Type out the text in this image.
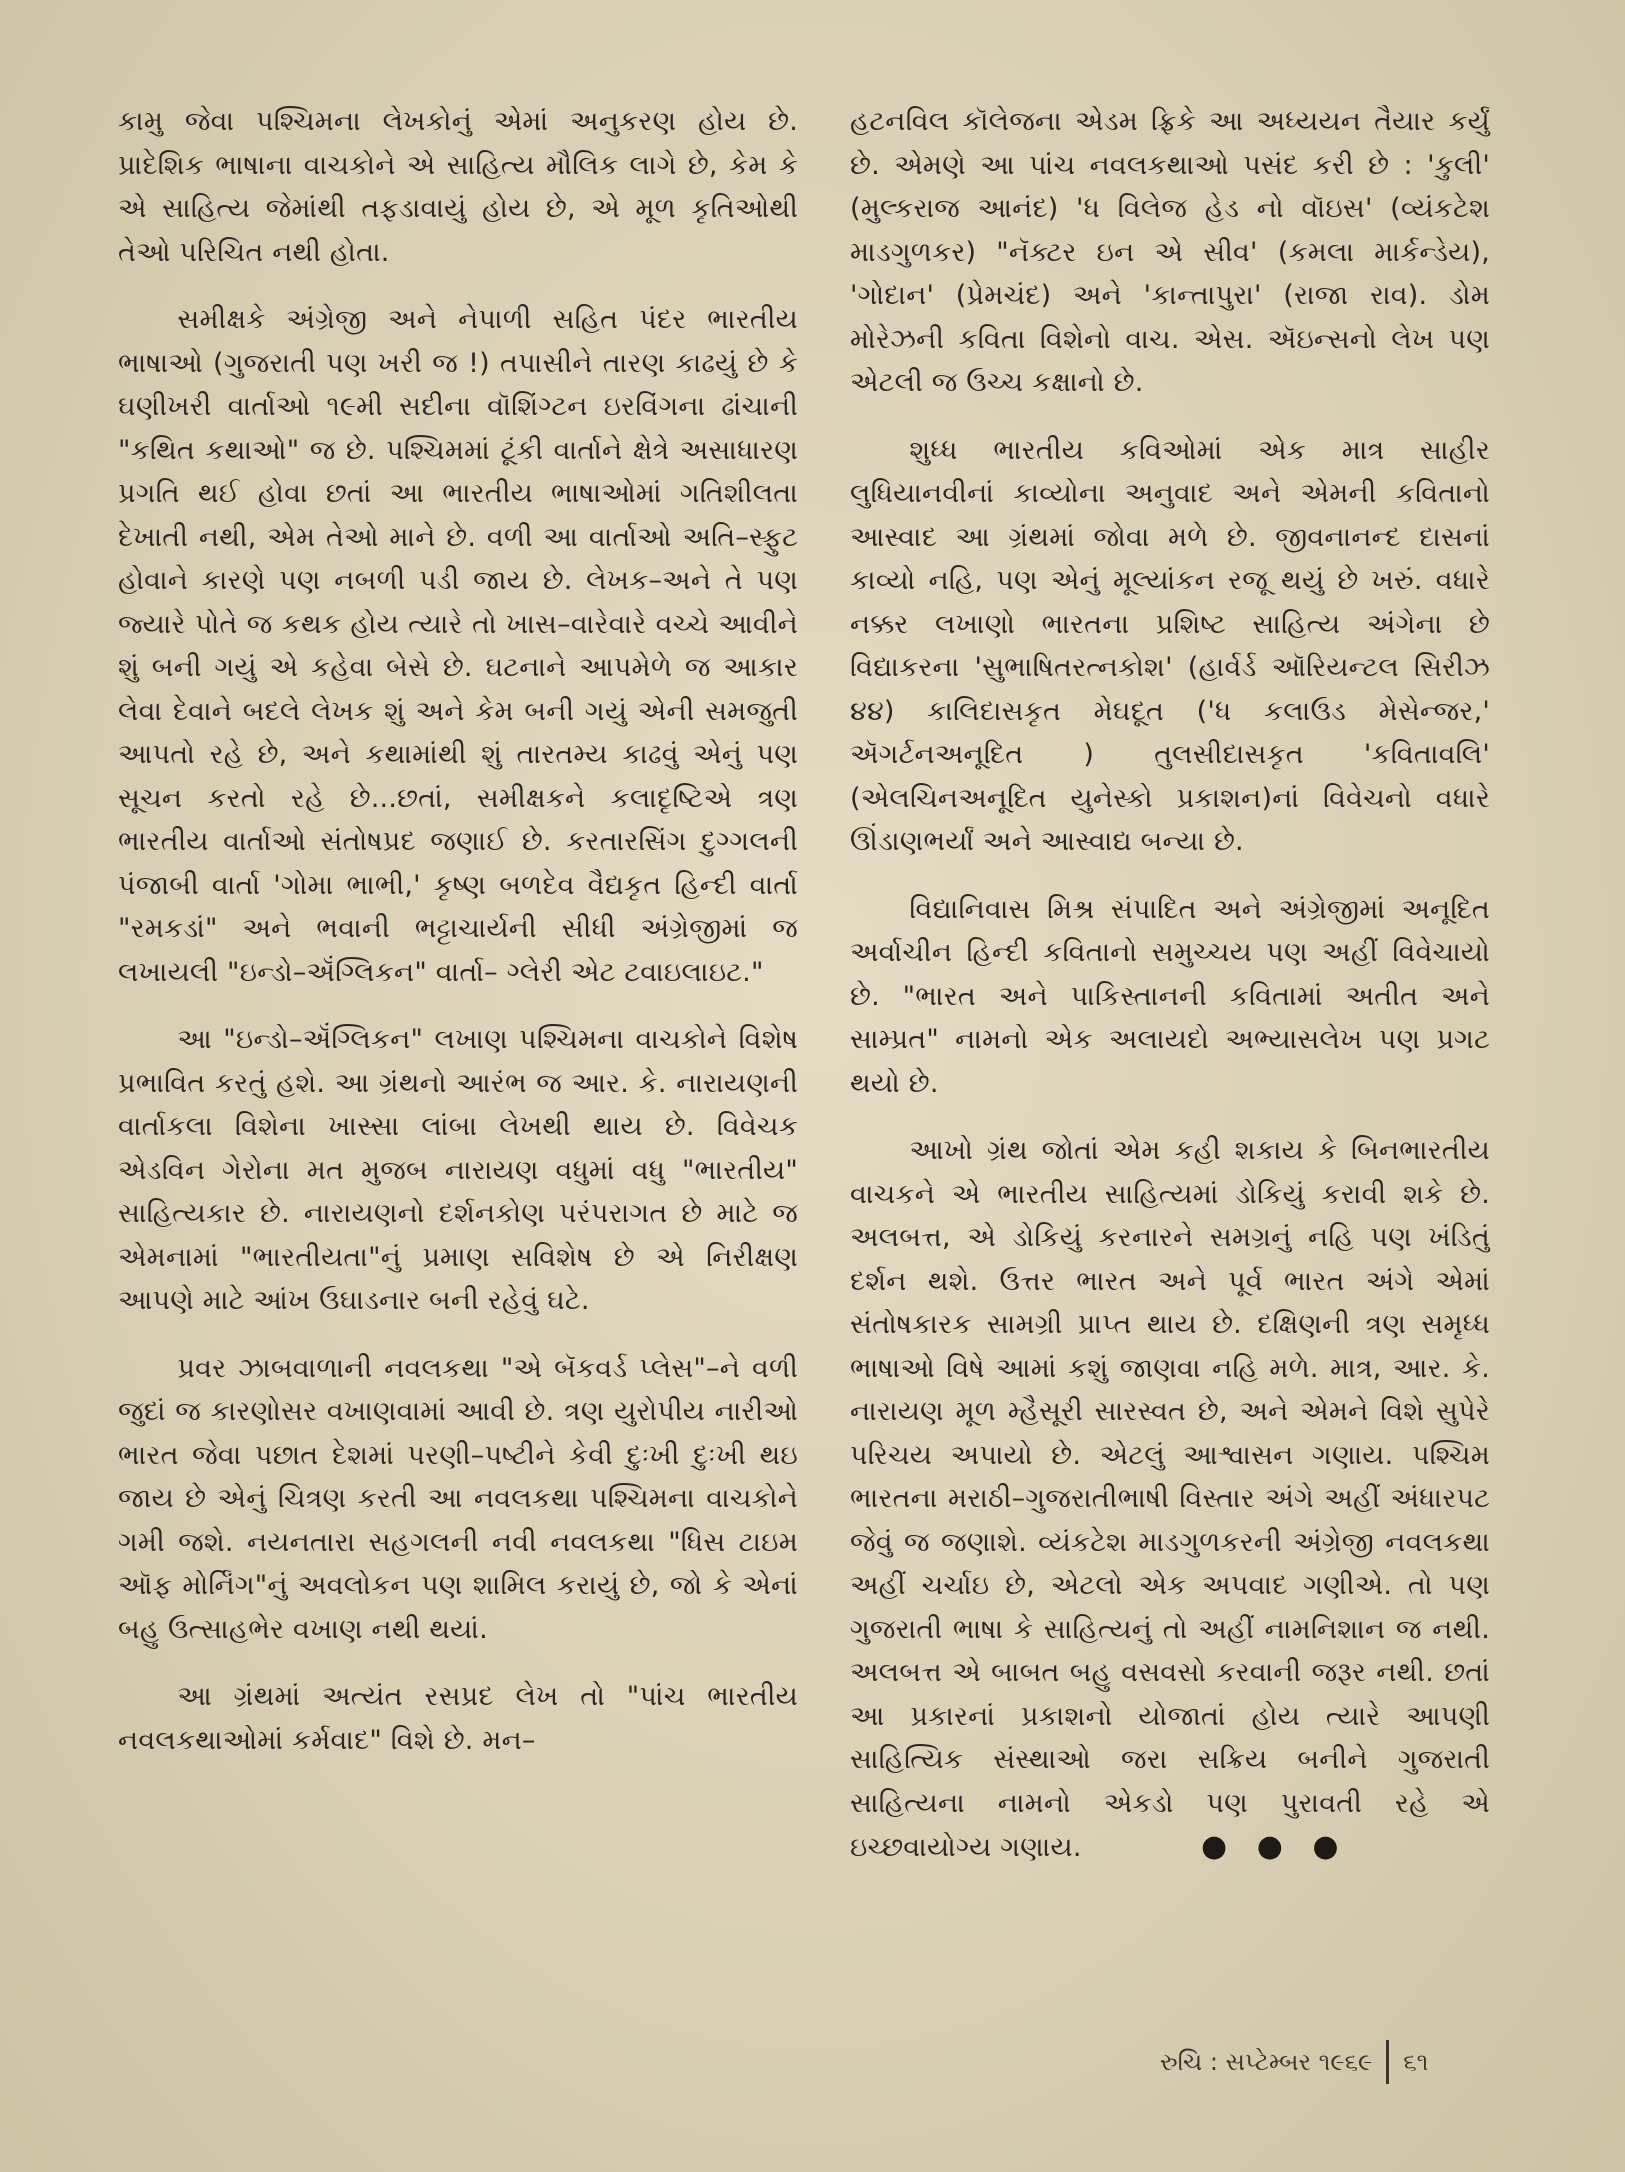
કામુ જેવા પશ્ચિમના લેખકોનું એમાં અનુકરણ હોય છે. પ્રાદેશિક ભાષાના વાચકોને એ સાહિત્ય મૌલિક લાગે છે, કેમ કે એ સાહિત્ય જેમાંથી તફડાવાયું હોય છે, એ મૂળ કૃતિઓથી તેઓ પરિચિત નથી હોતા.

સમીક્ષકે અંગ્રેજી અને નેપાળી સહિત પંદર ભારતીય ભાષાઓ (ગુજરાતી પણ ખરી જ !) તપાસીને તારણ કાઢયું છે કે ઘણીખરી વાર્તાઓ ૧૯મી સદીના વૉશિંગ્ટન ઇરવિંગના ઢાંચાની "કથિત કથાઓ" જ છે. પશ્ચિમમાં ટૂંકી વાર્તાને ક્ષેત્રે અસાધારણ પ્રગતિ થઈ હોવા છતાં આ ભારતીય ભાષાઓમાં ગતિશીલતા દેખાતી નથી, એમ તેઓ માને છે. વળી આ વાર્તાઓ અતિ–સ્ફુટ હોવાને કારણે પણ નબળી પડી જાય છે. લેખક–અને તે પણ જ્યારે પોતે જ કથક હોય ત્યારે તો ખાસ–વારેવારે વચ્ચે આવીને શું બની ગયું એ કહેવા બેસે છે. ઘટનાને આપમેળે જ આકાર લેવા દેવાને બદલે લેખક શું અને કેમ બની ગયું એની સમજુતી આપતો રહે છે, અને કથામાંથી શું તારતમ્ય કાઢવું એનું પણ સૂચન કરતો રહે છે...છતાં, સમીક્ષકને કલાદૃષ્ટિએ ત્રણ ભારતીય વાર્તાઓ સંતોષપ્રદ જણાઈ છે. કરતારસિંગ દુગ્ગલની પંજાબી વાર્તા 'ગોમા ભાભી,' કૃષ્ણ બળદેવ વૈદ્યકૃત હિન્દી વાર્તા "રમકડાં" અને ભવાની ભટ્ટાચાર્યની સીધી અંગ્રેજીમાં જ લખાયલી "ઇન્ડો–ઍંગ્લિકન" વાર્તા– ગ્લેરી એટ ટવાઇલાઇટ."

આ "ઇન્ડો–ઍંગ્લિકન" લખાણ પશ્ચિમના વાચકોને વિશેષ પ્રભાવિત કરતું હશે. આ ગ્રંથનો આરંભ જ આર. કે. નારાયણની વાર્તાકલા વિશેના ખાસ્સા લાંબા લેખથી થાય છે. વિવેચક એડવિન ગેરોના મત મુજબ નારાયણ વધુમાં વધુ "ભારતીય" સાહિત્યકાર છે. નારાયણનો દર્શનકોણ પરંપરાગત છે માટે જ એમનામાં "ભારતીયતા"નું પ્રમાણ સવિશેષ છે એ નિરીક્ષણ આપણે માટે આંખ ઉઘાડનાર બની રહેવું ઘટે.

પ્રવર ઝાબવાળાની નવલકથા "એ બૅકવર્ડ પ્લેસ"–ને વળી જુદાં જ કારણોસર વખાણવામાં આવી છે. ત્રણ યુરોપીય નારીઓ ભારત જેવા પછાત દેશમાં પરણી–પષ્ટીને કેવી દુઃખી દુઃખી થઇ જાય છે એનું ચિત્રણ કરતી આ નવલકથા પશ્ચિમના વાચકોને ગમી જશે. નયનતારા સહગલની નવી નવલકથા "ધિસ ટાઇમ ઑફ મોર્નિંગ"નું અવલોકન પણ શામિલ કરાયું છે, જો કે એનાં બહુ ઉત્સાહભેર વખાણ નથી થયાં.

આ ગ્રંથમાં અત્યંત રસપ્રદ લેખ તો "પાંચ ભારતીય નવલકથાઓમાં કર્મવાદ" વિશે છે. મન–

હટનવિલ કૉલેજના એડમ ફ્રિકે આ અધ્યયન તૈયાર કર્યું છે. એમણે આ પાંચ નવલકથાઓ પસંદ કરી છે : 'કુલી' (મુલ્કરાજ આનંદ) 'ધ વિલેજ હેડ નો વૉઇસ' (વ્યંકટેશ માડગુળકર) "નૅક્ટર ઇન એ સીવ' (કમલા માર્કન્ડેય), 'ગોદાન' (પ્રેમચંદ) અને 'કાન્તાપુરા' (રાજા રાવ). ડોમ મોરેઝની કવિતા વિશેનો વાચ. એસ. ઍઇન્સનો લેખ પણ એટલી જ ઉચ્ચ કક્ષાનો છે.

શુધ્ધ ભારતીય કવિઓમાં એક માત્ર સાહીર લુધિયાનવીનાં કાવ્યોના અનુવાદ અને એમની કવિતાનો આસ્વાદ આ ગ્રંથમાં જોવા મળે છે. જીવનાનન્દ દાસનાં કાવ્યો નહિ, પણ એનું મૂલ્યાંકન રજૂ થયું છે ખરું. વધારે નક્કર લખાણો ભારતના પ્રશિષ્ટ સાહિત્ય અંગેના છે વિદ્યાકરના 'સુભાષિતરત્નકોશ' (હાર્વર્ડ ઑરિયન્ટલ સિરીઝ ૪૪) કાલિદાસકૃત મેઘદૂત ('ધ કલાઉડ મેસેન્જર,' ઍગર્ટનઅનૂદિત ) તુલસીદાસકૃત 'કવિતાવલિ' (એલચિનઅનૂદિત યુનેસ્કો પ્રકાશન)નાં વિવેચનો વધારે ઊંડાણભર્યાં અને આસ્વાદ્ય બન્યા છે.

વિદ્યાનિવાસ મિશ્ર સંપાદિત અને અંગ્રેજીમાં અનૂદિત અર્વાચીન હિન્દી કવિતાનો સમુચ્ચય પણ અહીં વિવેચાયો છે. "ભારત અને પાકિસ્તાનની કવિતામાં અતીત અને સામ્પ્રત" નામનો એક અલાયદો અભ્યાસલેખ પણ પ્રગટ થયો છે.

આખો ગ્રંથ જોતાં એમ કહી શકાય કે બિનભારતીય વાચકને એ ભારતીય સાહિત્યમાં ડોકિયું કરાવી શકે છે. અલબત્ત, એ ડોકિયું કરનારને સમગ્રનું નહિ પણ ખંડિતું દર્શન થશે. ઉત્તર ભારત અને પૂર્વ ભારત અંગે એમાં સંતોષકારક સામગ્રી પ્રાપ્ત થાય છે. દક્ષિણની ત્રણ સમૃધ્ધ ભાષાઓ વિષે આમાં કશું જાણવા નહિ મળે. માત્ર, આર. કે. નારાયણ મૂળ મ્હૈસૂરી સારસ્વત છે, અને એમને વિશે સુપેરે પરિચય અપાયો છે. એટલું આશ્વાસન ગણાય. પશ્ચિમ ભારતના મરાઠી–ગુજરાતીભાષી વિસ્તાર અંગે અહીં અંધારપટ જેવું જ જણાશે. વ્યંકટેશ માડગુળકરની અંગ્રેજી નવલકથા અહીં ચર્ચાઇ છે, એટલો એક અપવાદ ગણીએ. તો પણ ગુજરાતી ભાષા કે સાહિત્યનું તો અહીં નામનિશાન જ નથી. અલબત્ત એ બાબત બહુ વસવસો કરવાની જરૂર નથી. છતાં આ પ્રકારનાં પ્રકાશનો યોજાતાં હોય ત્યારે આપણી સાહિત્યિક સંસ્થાઓ જરા સક્રિય બનીને ગુજરાતી સાહિત્યના નામનો એકડો પણ પુરાવતી રહે એ ઇચ્છવાયોગ્ય ગણાય.	● ● ●

રુચિ : સપ્ટેમ્બર ૧૯૬૯ ૬૧
